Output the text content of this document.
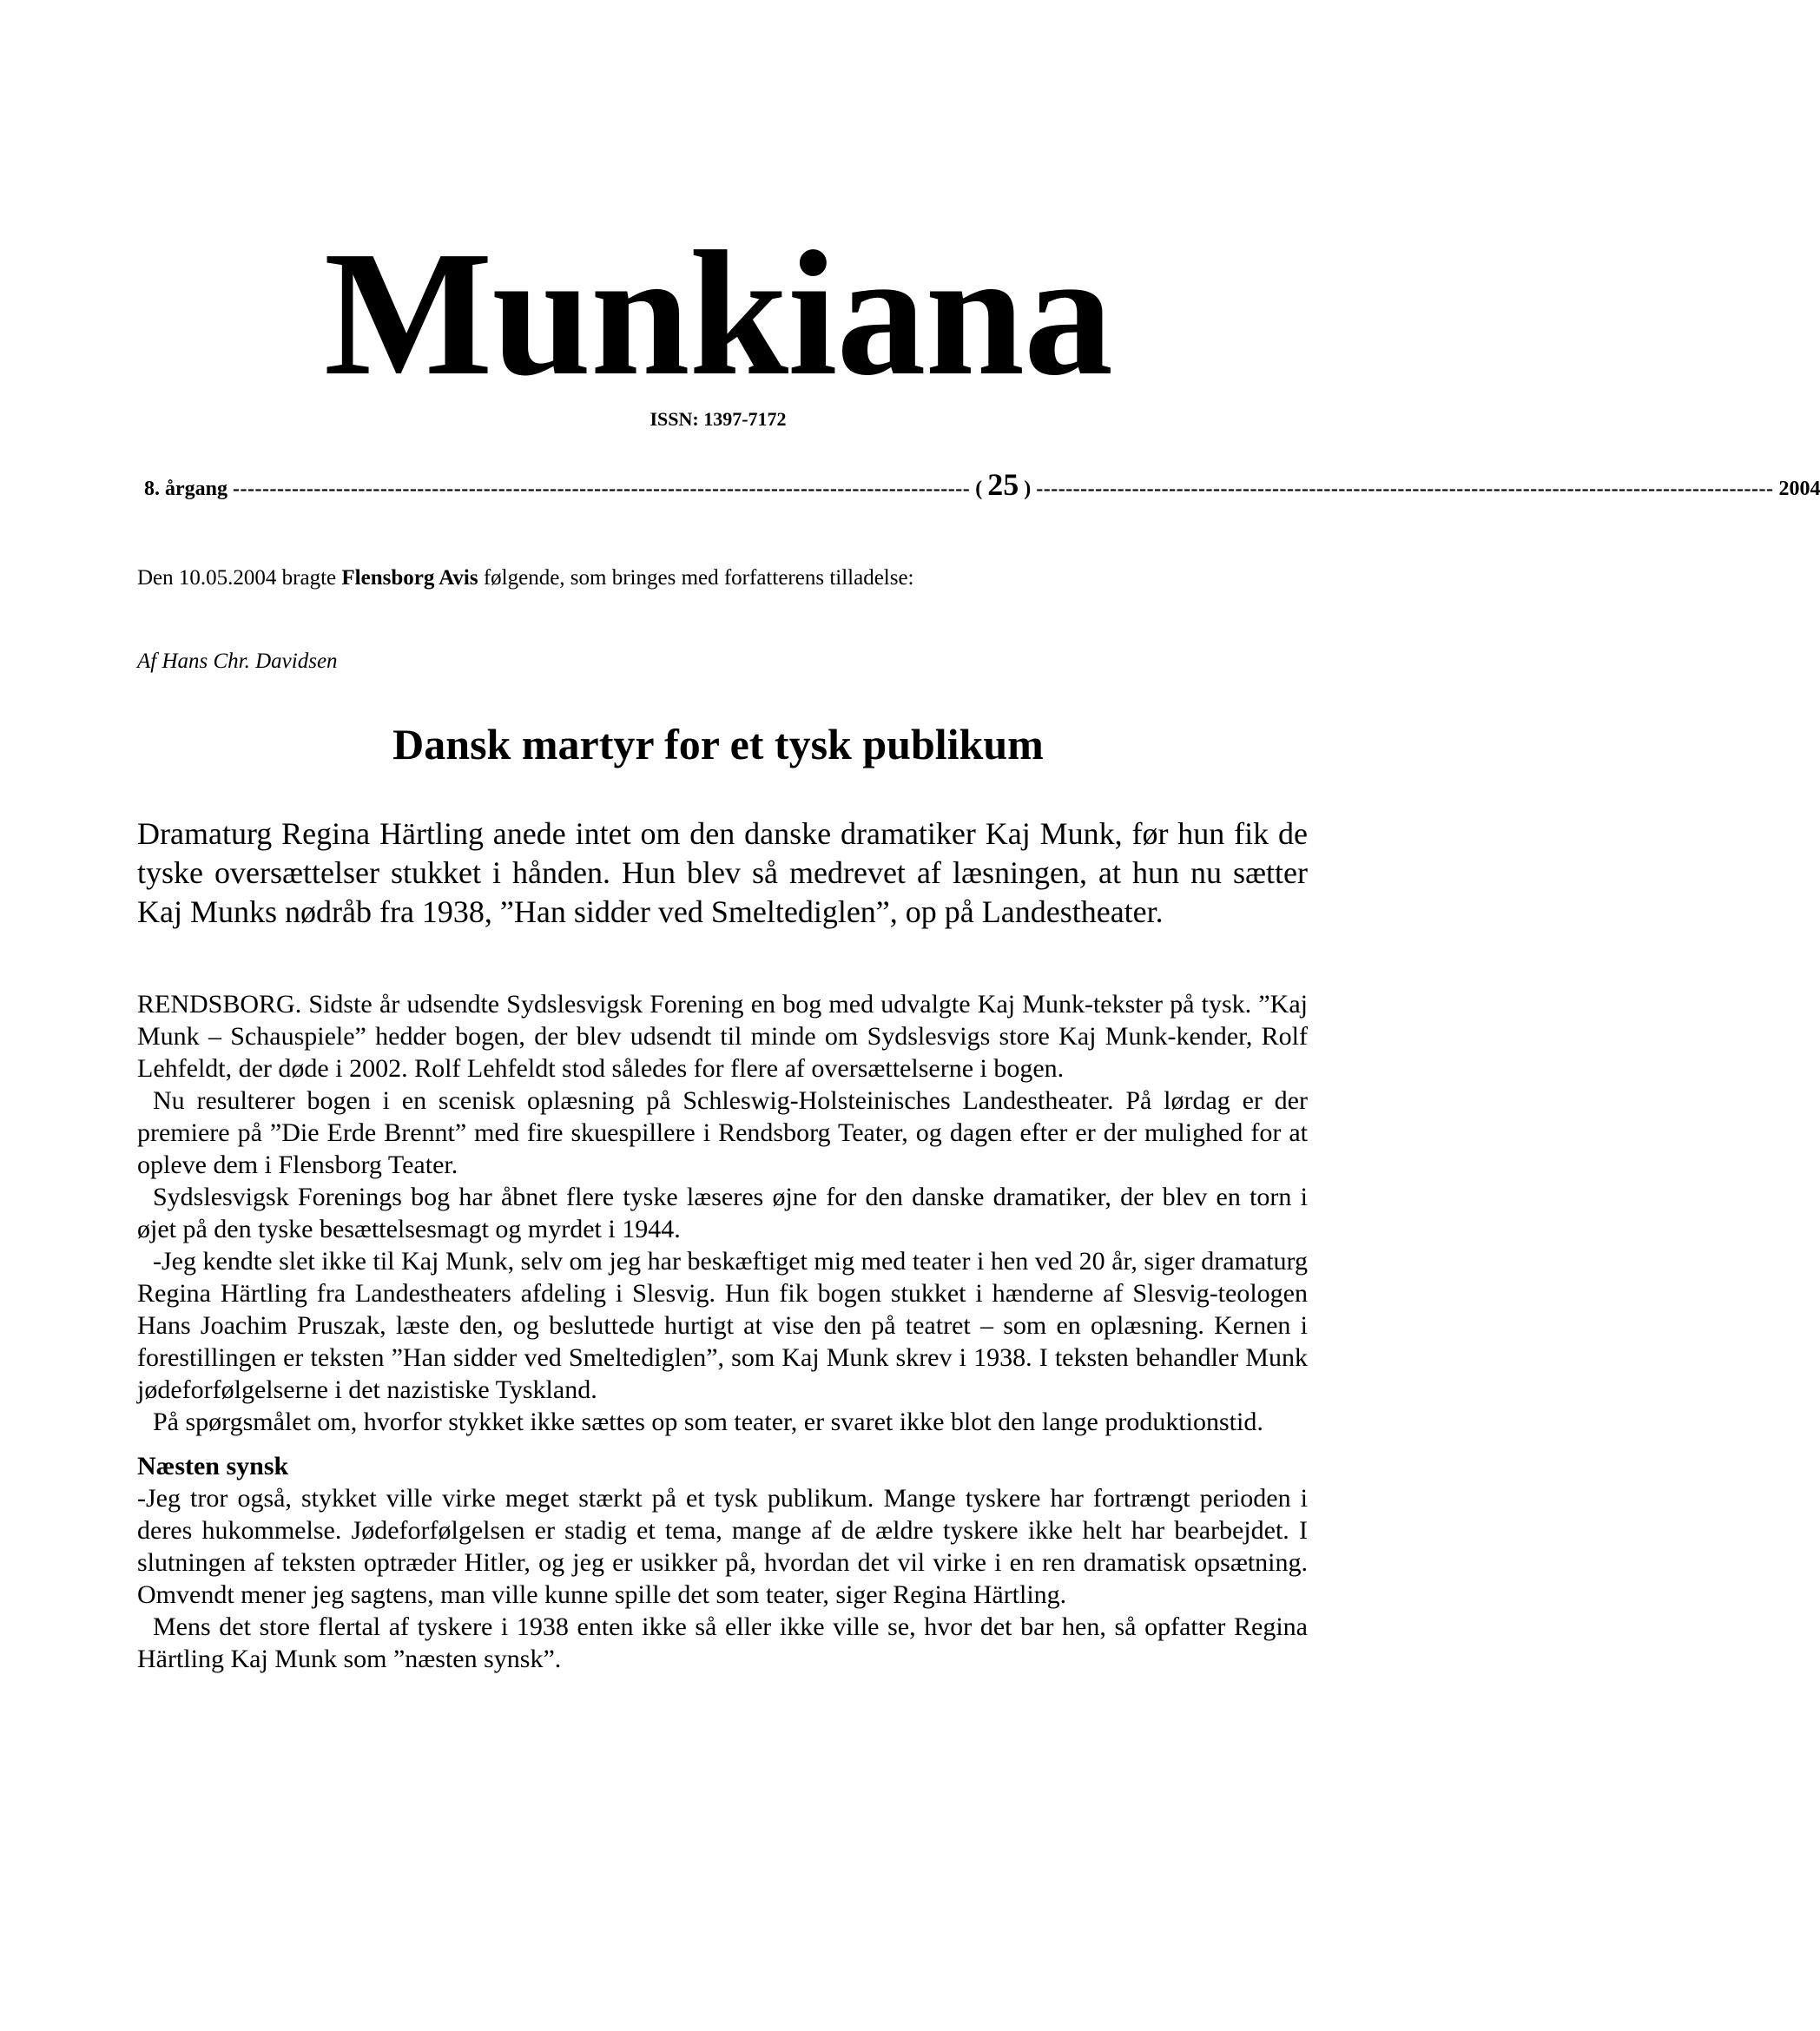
Munkiana
ISSN: 1397-7172
8. årgang ---------------------------------------------------------------------------------------------------- ( 25 ) ---------------------------------------------------------------------------------------------------- 2004
Den 10.05.2004 bragte Flensborg Avis følgende, som bringes med forfatterens tilladelse:
Af Hans Chr. Davidsen
Dansk martyr for et tysk publikum

Dramaturg Regina Härtling anede intet om den danske dramatiker Kaj Munk, før hun fik de tyske oversættelser stukket i hånden. Hun blev så medrevet af læsningen, at hun nu sætter Kaj Munks nødråb fra 1938, ”Han sidder ved Smeltediglen”, op på Landestheater.

RENDSBORG. Sidste år udsendte Sydslesvigsk Forening en bog med udvalgte Kaj Munk-tekster på tysk. ”Kaj Munk – Schauspiele” hedder bogen, der blev udsendt til minde om Sydslesvigs store Kaj Munk-kender, Rolf Lehfeldt, der døde i 2002. Rolf Lehfeldt stod således for flere af oversættelserne i bogen.

Nu resulterer bogen i en scenisk oplæsning på Schleswig-Holsteinisches Landestheater. På lørdag er der premiere på ”Die Erde Brennt” med fire skuespillere i Rendsborg Teater, og dagen efter er der mulighed for at opleve dem i Flensborg Teater.

Sydslesvigsk Forenings bog har åbnet flere tyske læseres øjne for den danske dramatiker, der blev en torn i øjet på den tyske besættelsesmagt og myrdet i 1944.

-Jeg kendte slet ikke til Kaj Munk, selv om jeg har beskæftiget mig med teater i hen ved 20 år, siger dramaturg Regina Härtling fra Landestheaters afdeling i Slesvig. Hun fik bogen stukket i hænderne af Slesvig-teologen Hans Joachim Pruszak, læste den, og besluttede hurtigt at vise den på teatret – som en oplæsning. Kernen i forestillingen er teksten ”Han sidder ved Smeltediglen”, som Kaj Munk skrev i 1938. I teksten behandler Munk jødeforfølgelserne i det nazistiske Tyskland.

På spørgsmålet om, hvorfor stykket ikke sættes op som teater, er svaret ikke blot den lange produktionstid.

Næsten synsk

-Jeg tror også, stykket ville virke meget stærkt på et tysk publikum. Mange tyskere har fortrængt perioden i deres hukommelse. Jødeforfølgelsen er stadig et tema, mange af de ældre tyskere ikke helt har bearbejdet. I slutningen af teksten optræder Hitler, og jeg er usikker på, hvordan det vil virke i en ren dramatisk opsætning. Omvendt mener jeg sagtens, man ville kunne spille det som teater, siger Regina Härtling.

Mens det store flertal af tyskere i 1938 enten ikke så eller ikke ville se, hvor det bar hen, så opfatter Regina Härtling Kaj Munk som ”næsten synsk”.
